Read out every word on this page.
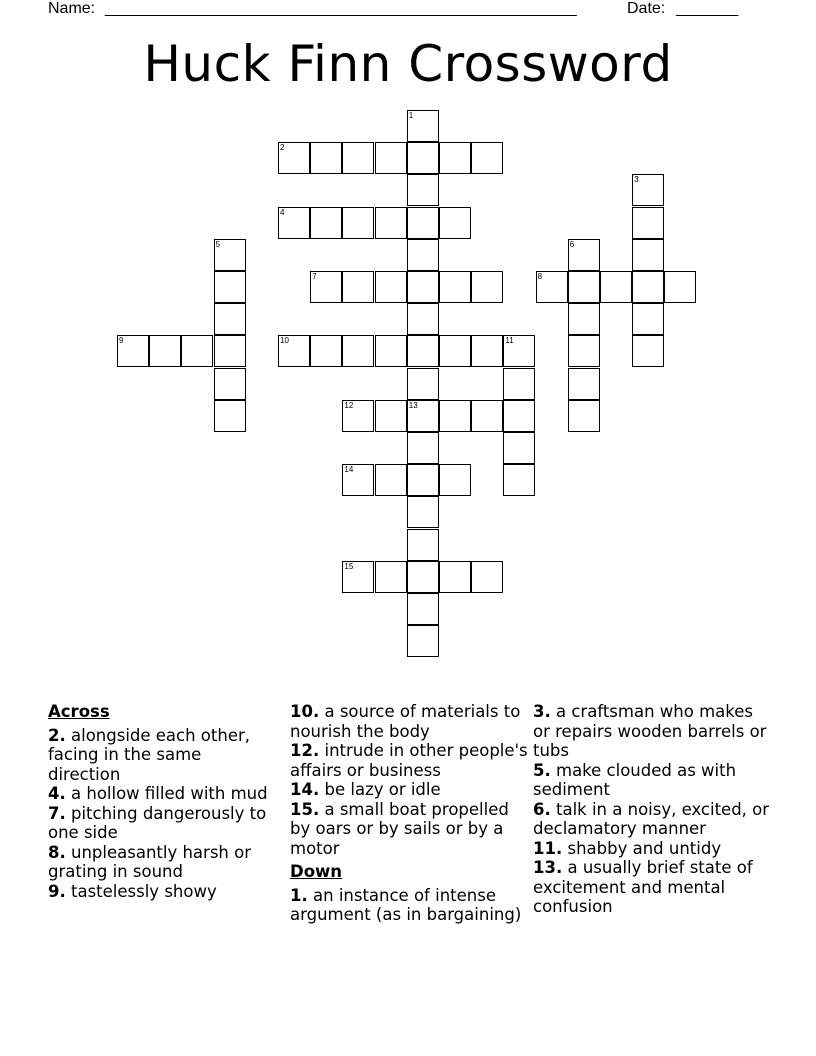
Name: _____________________________________________________	Date: _______
Huck Finn Crossword
1
2
3
4
5	6
7	8
9	10	11
12	13
14
15
Across
2. alongside each other, facing in the same direction
4. a hollow filled with mud
7. pitching dangerously to one side
8. unpleasantly harsh or grating in sound
9. tastelessly showy
10. a source of materials to nourish the body
12. intrude in other people's affairs or business
14. be lazy or idle
15. a small boat propelled by oars or by sails or by a motor
Down
1. an instance of intense argument (as in bargaining)
3. a craftsman who makes or repairs wooden barrels or tubs
5. make clouded as with sediment
6. talk in a noisy, excited, or declamatory manner
11. shabby and untidy
13. a usually brief state of excitement and mental confusion
